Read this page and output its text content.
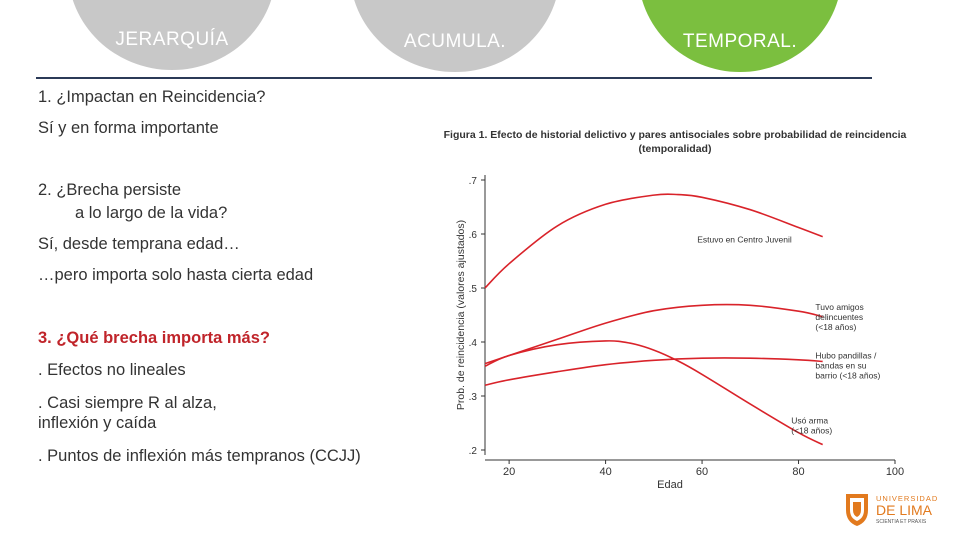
JERARQUÍA	ACUMULA.	TEMPORAL.
1. ¿Impactan en Reincidencia?
Sí y en forma importante
2. ¿Brecha persiste
a lo largo de la vida?
Sí, desde temprana edad…
…pero importa solo hasta cierta edad
3. ¿Qué brecha importa más?
. Efectos no lineales
. Casi siempre R al alza,
inflexión y caída
. Puntos de inflexión más tempranos (CCJJ)
Figura 1. Efecto de historial delictivo y pares antisociales sobre probabilidad de reincidencia
(temporalidad)
.2
.3
.4
.5
.6
.7
20	40	60	80	100
Edad
Prob. de reincidencia (valores ajustados)	Estuvo en Centro Juvenil
Tuvo amigos
delincuentes
(<18 años)
Hubo pandillas /
bandas en su
barrio (<18 años)
Usó arma
(<18 años)
UNIVERSIDAD
DE LIMA
SCIENTIA ET PRAXIS
